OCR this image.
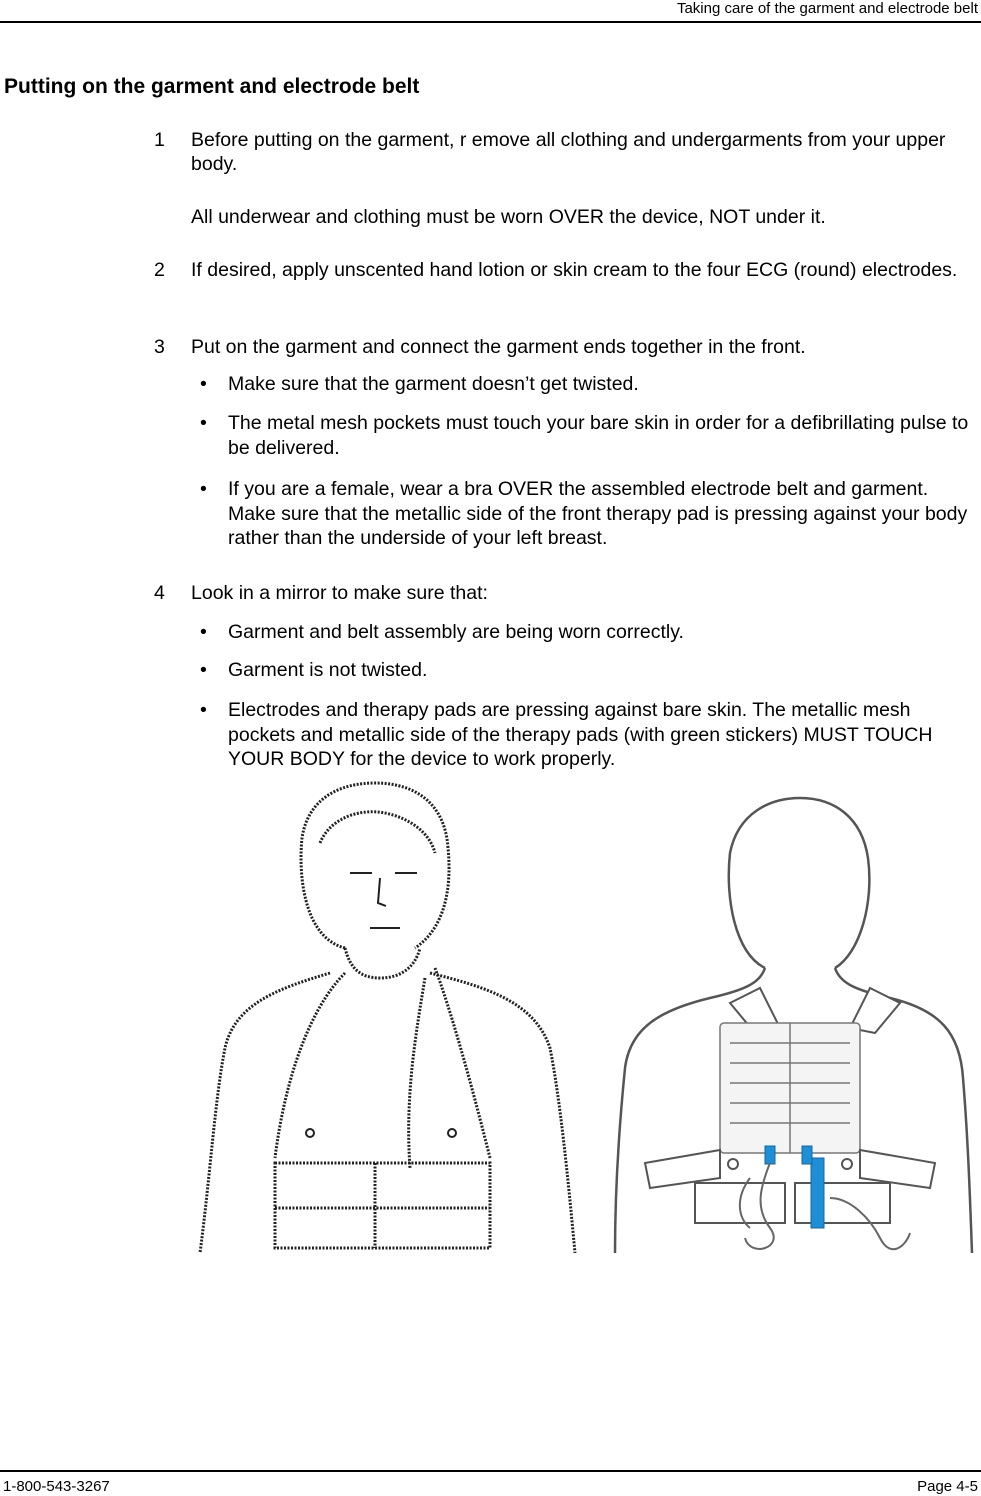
Taking care of the garment and electrode belt
Putting on the garment and electrode belt
1 Before putting on the garment, r emove all clothing and undergarments from your upper body.
All underwear and clothing must be worn OVER the device, NOT under it.
2 If desired, apply unscented hand lotion or skin cream to the four ECG (round) electrodes.
3 Put on the garment and connect the garment ends together in the front.
• Make sure that the garment doesn’t get twisted.
• The metal mesh pockets must touch your bare skin in order for a defibrillating pulse to be delivered.
• If you are a female, wear a bra OVER the assembled electrode belt and garment. Make sure that the metallic side of the front therapy pad is pressing against your body rather than the underside of your left breast.
4 Look in a mirror to make sure that:
• Garment and belt assembly are being worn correctly.
• Garment is not twisted.
• Electrodes and therapy pads are pressing against bare skin. The metallic mesh pockets and metallic side of the therapy pads (with green stickers) MUST TOUCH YOUR BODY for the device to work properly.
1-800-543-3267	Page 4-5
